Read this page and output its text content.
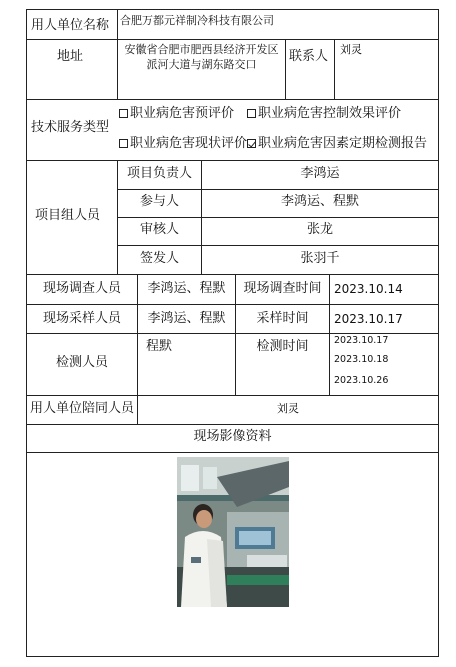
用人单位名称 合肥万都元祥制冷科技有限公司
地址	安徽省合肥市肥西县经济开发区
派河大道与湖东路交口
联系人 刘灵
技术服务类型
职业病危害预评价	职业病危害控制效果评价
职业病危害现状评价 职业病危害因素定期检测报告
项目组人员
项目负责人	李鸿运
参与人	李鸿运、程默
审核人	张龙
签发人	张羽千
现场调查人员	李鸿运、程默	现场调查时间	2023.10.14
现场采样人员	李鸿运、程默	采样时间	2023.10.17
检测人员
程默	检测时间	2023.10.17
2023.10.18
2023.10.26
用人单位陪同人员	刘灵
现场影像资料
